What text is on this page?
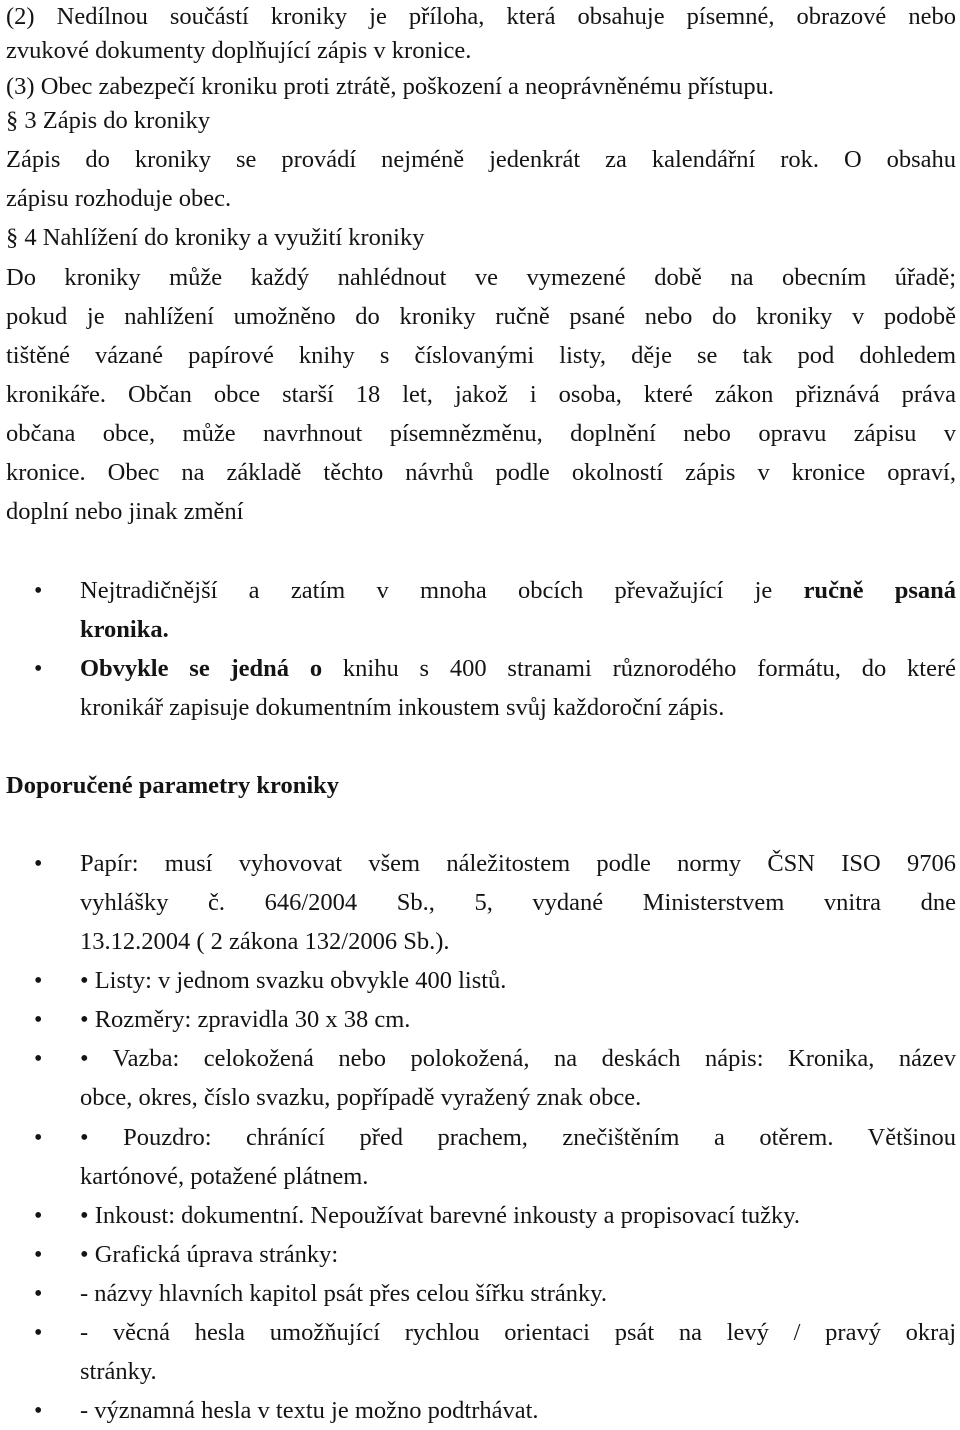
(2) Nedílnou součástí kroniky je příloha, která obsahuje písemné, obrazové nebo
zvukové dokumenty doplňující zápis v kronice.
(3) Obec zabezpečí kroniku proti ztrátě, poškození a neoprávněnému přístupu.
§ 3 Zápis do kroniky
Zápis do kroniky se provádí nejméně jedenkrát za kalendářní rok. O obsahu
zápisu rozhoduje obec.
§ 4 Nahlížení do kroniky a využití kroniky
Do kroniky může každý nahlédnout ve vymezené době na obecním úřadě;
pokud je nahlížení umožněno do kroniky ručně psané nebo do kroniky v podobě
tištěné vázané papírové knihy s číslovanými listy, děje se tak pod dohledem
kronikáře. Občan obce starší 18 let, jakož i osoba, které zákon přiznává práva
občana obce, může navrhnout písemnězměnu, doplnění nebo opravu zápisu v
kronice. Obec na základě těchto návrhů podle okolností zápis v kronice opraví,
doplní nebo jinak změní
•	Nejtradičnější a zatím v mnoha obcích převažující je ručně psaná
kronika.
•	Obvykle se jedná o knihu s 400 stranami různorodého formátu, do které
kronikář zapisuje dokumentním inkoustem svůj každoroční zápis.
Doporučené parametry kroniky
•	Papír: musí vyhovovat všem náležitostem podle normy ČSN ISO 9706
vyhlášky č. 646/2004 Sb., 5, vydané Ministerstvem vnitra dne
13.12.2004 ( 2 zákona 132/2006 Sb.).
•	• Listy: v jednom svazku obvykle 400 listů.
•	• Rozměry: zpravidla 30 x 38 cm.
•	• Vazba: celokožená nebo polokožená, na deskách nápis: Kronika, název
obce, okres, číslo svazku, popřípadě vyražený znak obce.
•	• Pouzdro: chránící před prachem, znečištěním a otěrem. Většinou
kartónové, potažené plátnem.
•	• Inkoust: dokumentní. Nepoužívat barevné inkousty a propisovací tužky.
•	• Grafická úprava stránky:
•	- názvy hlavních kapitol psát přes celou šířku stránky.
•	- věcná hesla umožňující rychlou orientaci psát na levý / pravý okraj
stránky.
•	- významná hesla v textu je možno podtrhávat.
